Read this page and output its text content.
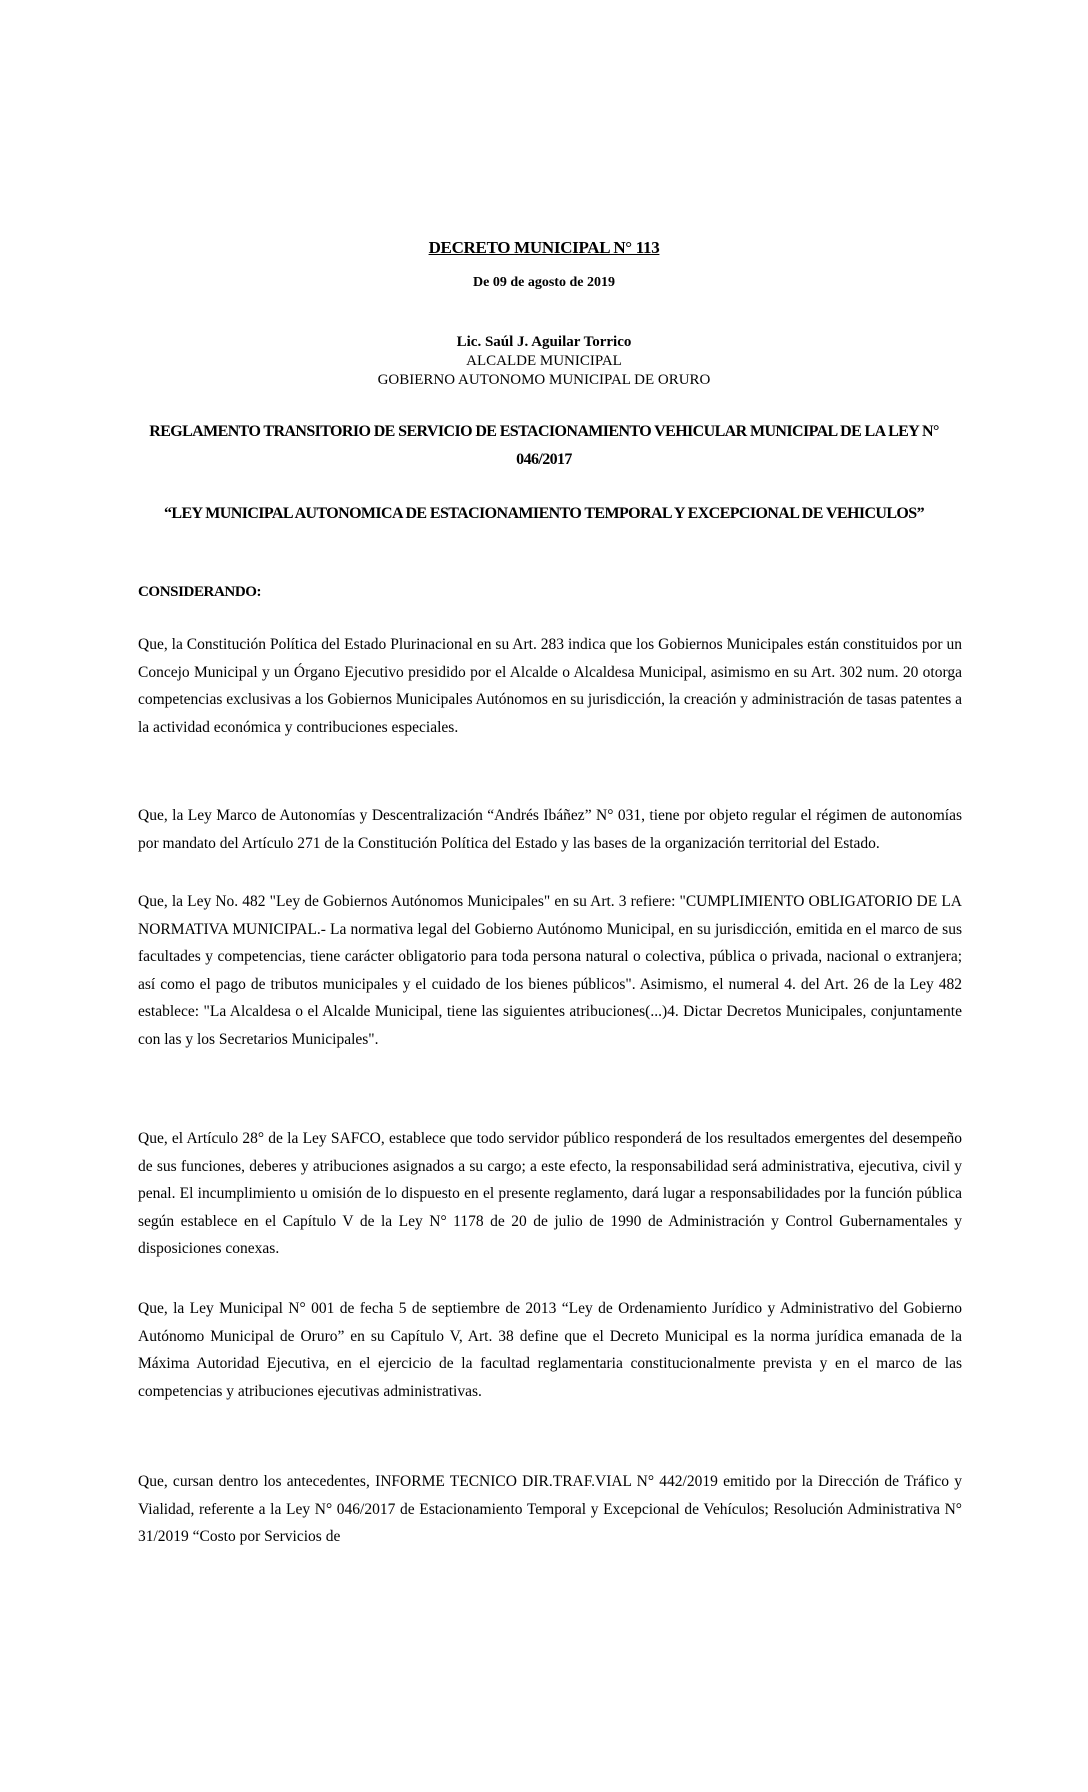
DECRETO MUNICIPAL N° 113
De 09 de agosto de 2019
Lic. Saúl J. Aguilar Torrico
ALCALDE MUNICIPAL
GOBIERNO AUTONOMO MUNICIPAL DE ORURO
REGLAMENTO TRANSITORIO DE SERVICIO DE ESTACIONAMIENTO VEHICULAR MUNICIPAL DE LA LEY N° 046/2017
“LEY MUNICIPAL AUTONOMICA DE ESTACIONAMIENTO TEMPORAL Y EXCEPCIONAL DE VEHICULOS”
CONSIDERANDO:

Que, la Constitución Política del Estado Plurinacional en su Art. 283 indica que los Gobiernos Municipales están constituidos por un Concejo Municipal y un Órgano Ejecutivo presidido por el Alcalde o Alcaldesa Municipal, asimismo en su Art. 302 num. 20 otorga competencias exclusivas a los Gobiernos Municipales Autónomos en su jurisdicción, la creación y administración de tasas patentes a la actividad económica y contribuciones especiales.

Que, la Ley Marco de Autonomías y Descentralización “Andrés Ibáñez” N° 031, tiene por objeto regular el régimen de autonomías por mandato del Artículo 271 de la Constitución Política del Estado y las bases de la organización territorial del Estado.

Que, la Ley No. 482 "Ley de Gobiernos Autónomos Municipales" en su Art. 3 refiere: "CUMPLIMIENTO OBLIGATORIO DE LA NORMATIVA MUNICIPAL.- La normativa legal del Gobierno Autónomo Municipal, en su jurisdicción, emitida en el marco de sus facultades y competencias, tiene carácter obligatorio para toda persona natural o colectiva, pública o privada, nacional o extranjera; así como el pago de tributos municipales y el cuidado de los bienes públicos". Asimismo, el numeral 4. del Art. 26 de la Ley 482 establece: "La Alcaldesa o el Alcalde Municipal, tiene las siguientes atribuciones(...)4. Dictar Decretos Municipales, conjuntamente con las y los Secretarios Municipales".

Que, el Artículo 28° de la Ley SAFCO, establece que todo servidor público responderá de los resultados emergentes del desempeño de sus funciones, deberes y atribuciones asignados a su cargo; a este efecto, la responsabilidad será administrativa, ejecutiva, civil y penal. El incumplimiento u omisión de lo dispuesto en el presente reglamento, dará lugar a responsabilidades por la función pública según establece en el Capítulo V de la Ley N° 1178 de 20 de julio de 1990 de Administración y Control Gubernamentales y disposiciones conexas.

Que, la Ley Municipal N° 001 de fecha 5 de septiembre de 2013 “Ley de Ordenamiento Jurídico y Administrativo del Gobierno Autónomo Municipal de Oruro” en su Capítulo V, Art. 38 define que el Decreto Municipal es la norma jurídica emanada de la Máxima Autoridad Ejecutiva, en el ejercicio de la facultad reglamentaria constitucionalmente prevista y en el marco de las competencias y atribuciones ejecutivas administrativas.

Que, cursan dentro los antecedentes, INFORME TECNICO DIR.TRAF.VIAL N° 442/2019 emitido por la Dirección de Tráfico y Vialidad, referente a la Ley N° 046/2017 de Estacionamiento Temporal y Excepcional de Vehículos; Resolución Administrativa N° 31/2019 “Costo por Servicios de
